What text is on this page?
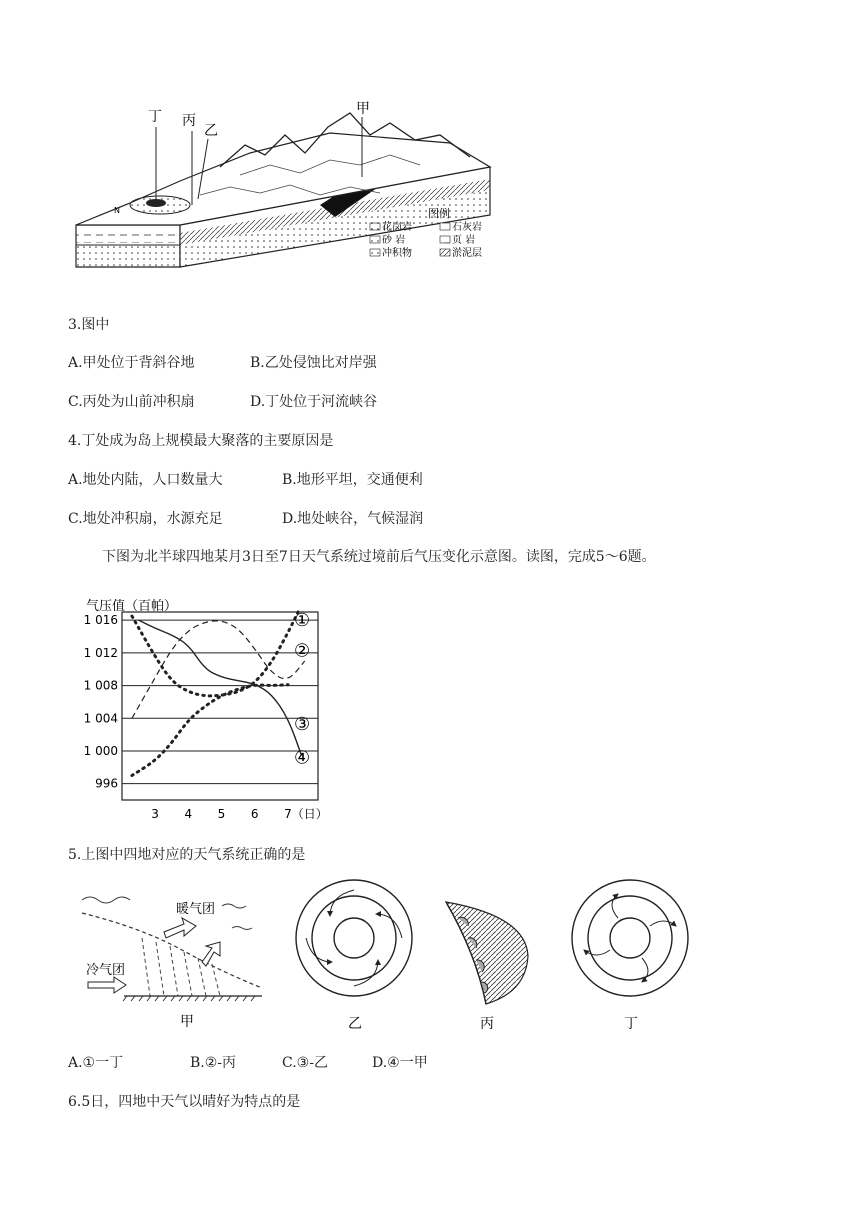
丁 丙
乙
甲
N	图例
花岗岩	石灰岩
砂 岩	页 岩
冲积物	淤泥层
3.图中
A.甲处位于背斜谷地	B.乙处侵蚀比对岸强
C.丙处为山前冲积扇	D.丁处位于河流峡谷
4.丁处成为岛上规模最大聚落的主要原因是
A.地处内陆，人口数量大	B.地形平坦，交通便利
C.地处冲积扇，水源充足	D.地处峡谷，气候湿润
下图为北半球四地某月3日至7日天气系统过境前后气压变化示意图。读图，完成5～6题。
气压值（百帕）
996
1 000
1 004
1 008
1 012
1 016
3 4 5 6 7（日）
①
②
③
④
5.上图中四地对应的天气系统正确的是
暖气团
冷气团
甲	乙	丙	丁
A.①一丁	B.②-丙	C.③-乙	D.④一甲
6.5日，四地中天气以晴好为特点的是
